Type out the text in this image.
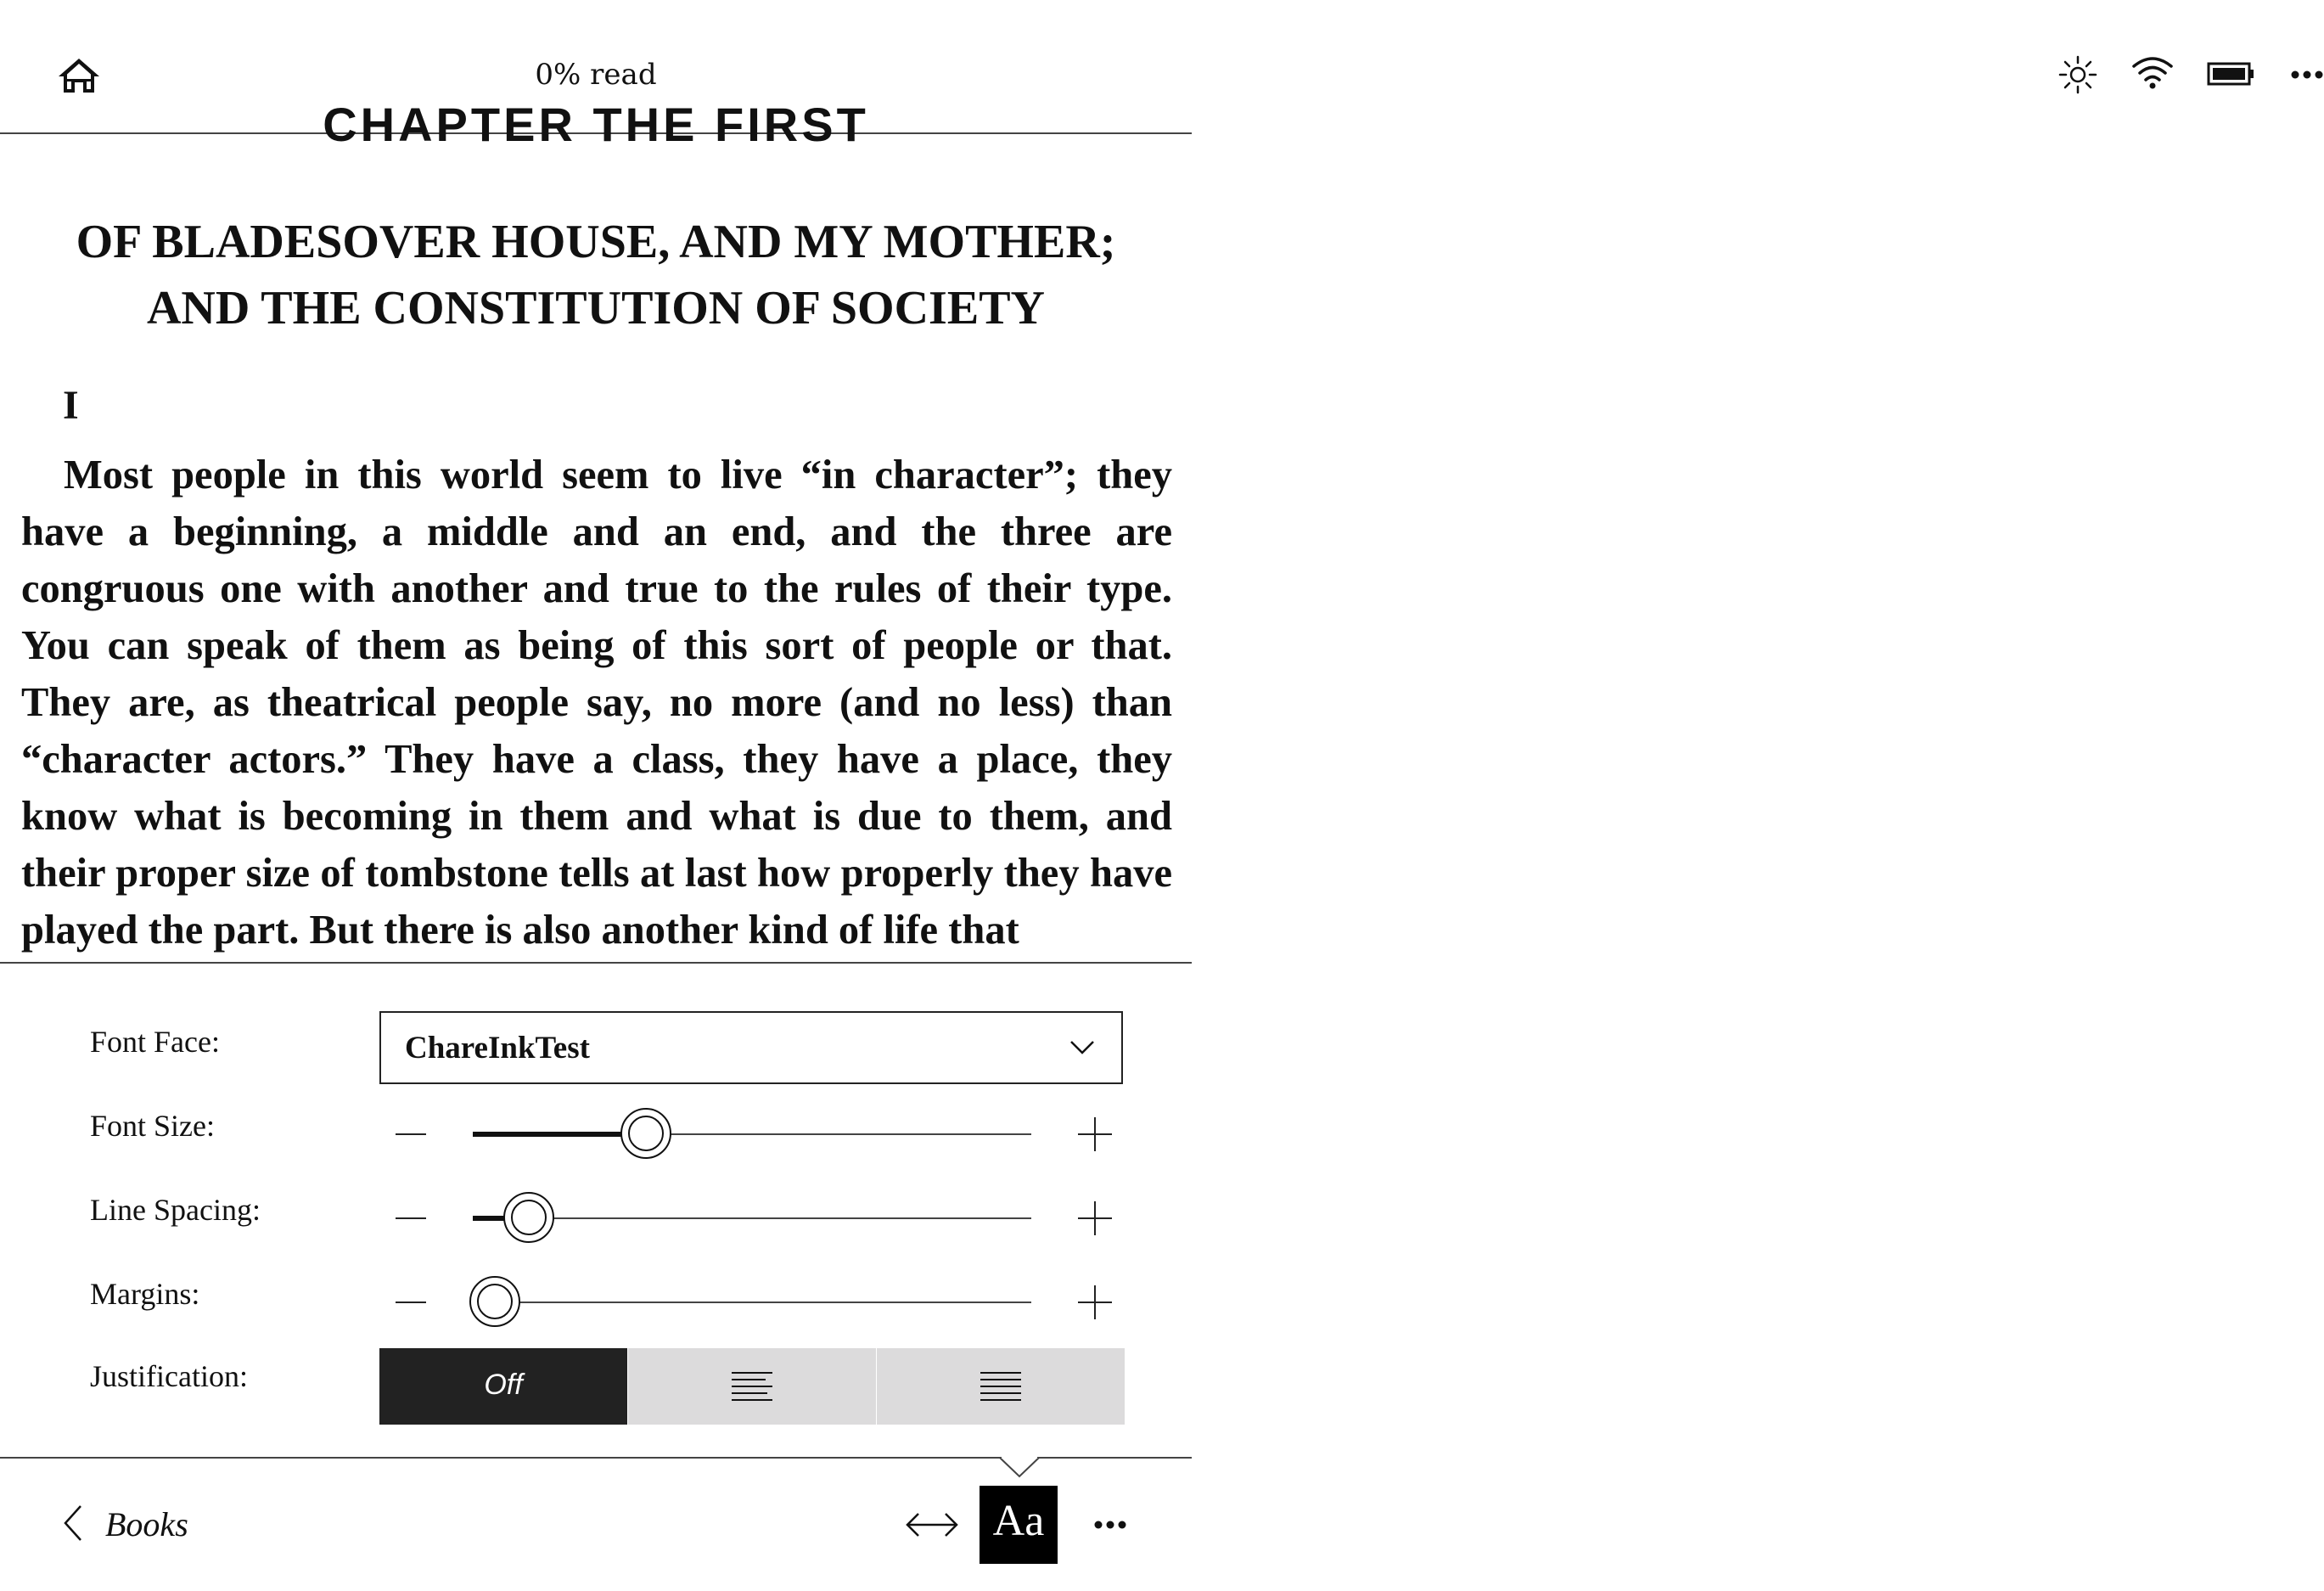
0% read
CHAPTER THE FIRST
OF BLADESOVER HOUSE, AND MY MOTHER; AND THE CONSTITUTION OF SOCIETY
I

Most people in this world seem to live “in character”; they have a beginning, a middle and an end, and the three are congruous one with another and true to the rules of their type. You can speak of them as being of this sort of people or that. They are, as theatrical people say, no more (and no less) than “character actors.” They have a class, they have a place, they know what is becoming in them and what is due to them, and their proper size of tombstone tells at last how properly they have played the part. But there is also another kind of life that

Font Face:	ChareInkTest
Font Size:
Line Spacing:
Margins:
Justification:	Off
Books	Aa
